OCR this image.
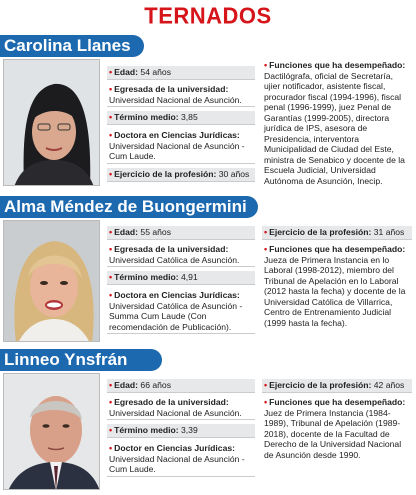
TERNADOS
Carolina Llanes
• Edad: 54 años
• Egresada de la universidad:
Universidad Nacional de Asunción.
• Término medio: 3,85
• Doctora en Ciencias Jurídicas:
Universidad Nacional de Asunción - Cum Laude.
• Ejercicio de la profesión: 30 años
• Funciones que ha desempeñado:
Dactilógrafa, oficial de Secretaría, ujier notificador, asistente fiscal, procurador fiscal (1994-1996), fiscal penal (1996-1999), juez Penal de Garantías (1999-2005), directora jurídica de IPS, asesora de Presidencia, interventora Municipalidad de Ciudad del Este, ministra de Senabico y docente de la Escuela Judicial, Universidad Autónoma de Asunción, Inecip.
Alma Méndez de Buongermini
• Edad: 55 años
• Egresada de la universidad:
Universidad Católica de Asunción.
• Término medio: 4,91
• Doctora en Ciencias Jurídicas:
Universidad Católica de Asunción - Summa Cum Laude (Con recomendación de Publicación).
• Ejercicio de la profesión: 31 años
• Funciones que ha desempeñado:
Jueza de Primera Instancia en lo Laboral (1998-2012), miembro del Tribunal de Apelación en lo Laboral (2012 hasta la fecha) y docente de la Universidad Católica de Villarrica, Centro de Entrenamiento Judicial (1999 hasta la fecha).
Linneo Ynsfrán
• Edad: 66 años
• Egresado de la universidad:
Universidad Nacional de Asunción.
• Término medio: 3,39
• Doctor en Ciencias Jurídicas:
Universidad Nacional de Asunción - Cum Laude.
• Ejercicio de la profesión: 42 años
• Funciones que ha desempeñado:
Juez de Primera Instancia (1984-1989), Tribunal de Apelación (1989-2018), docente de la Facultad de Derecho de la Universidad Nacional de Asunción desde 1990.
